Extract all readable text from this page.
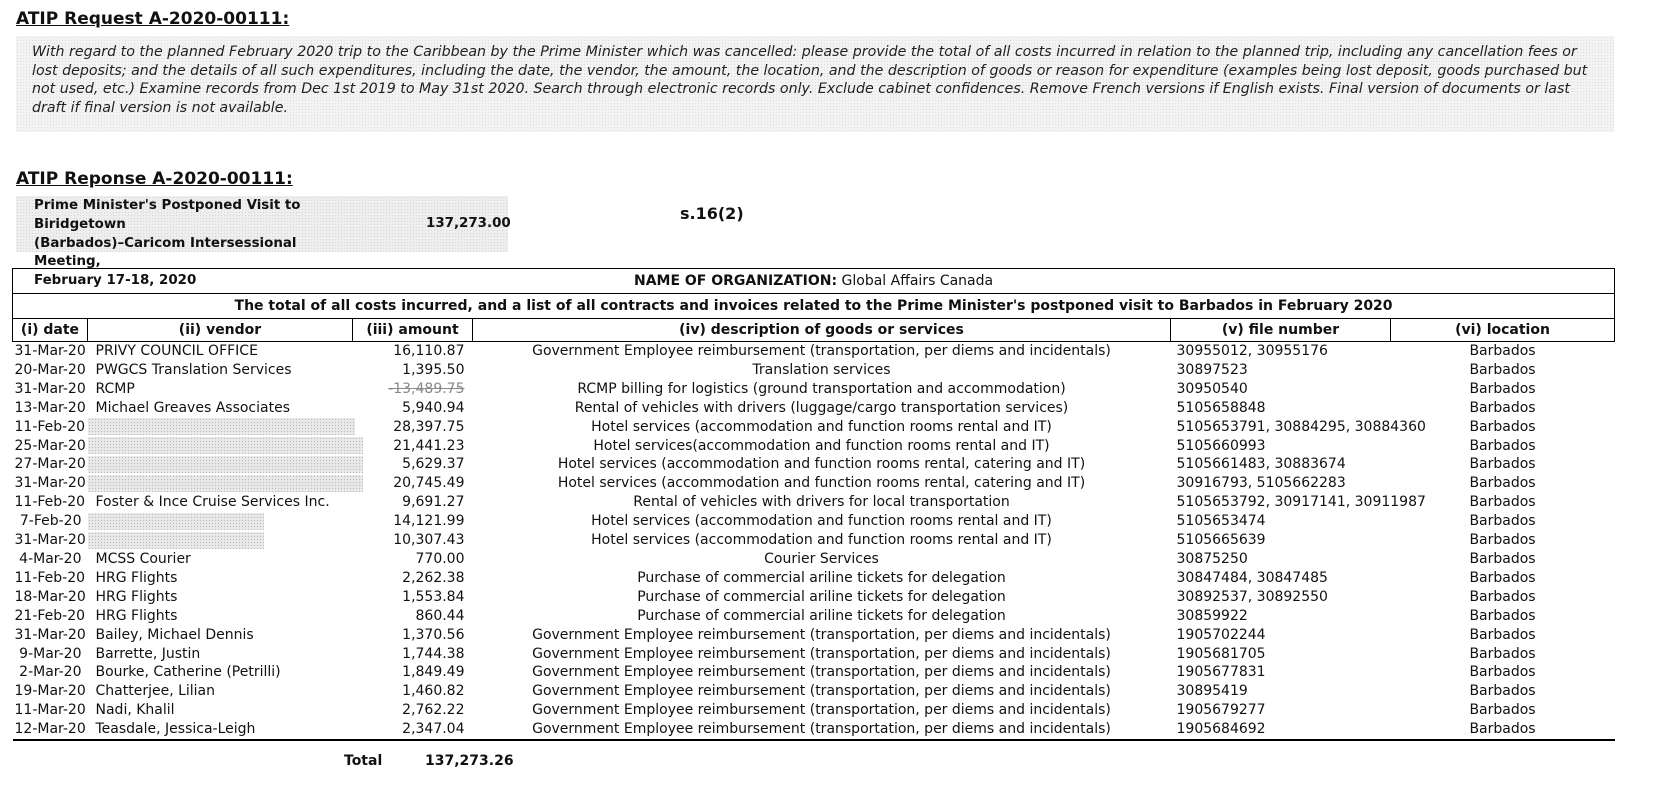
ATIP Request A-2020-00111:
With regard to the planned February 2020 trip to the Caribbean by the Prime Minister which was cancelled: please provide the total of all costs incurred in relation to the planned trip, including any cancellation fees or lost deposits; and the details of all such expenditures, including the date, the vendor, the amount, the location, and the description of goods or reason for expenditure (examples being lost deposit, goods purchased but not used, etc.) Examine records from Dec 1st 2019 to May 31st 2020. Search through electronic records only. Exclude cabinet confidences. Remove French versions if English exists. Final version of documents or last draft if final version is not available.
ATIP Reponse A-2020-00111:
Prime Minister's Postponed Visit to Biridgetown
(Barbados)–Caricom Intersessional Meeting,
February 17-18, 2020
137,273.00
s.16(2)
NAME OF ORGANIZATION: Global Affairs Canada					
The total of all costs incurred, and a list of all contracts and invoices related to the Prime Minister's postponed visit to Barbados in February 2020					
(i) date	(ii) vendor	(iii) amount	(iv) description of goods or services	(v) file number	(vi) location
31-Mar-20	PRIVY COUNCIL OFFICE	16,110.87	Government Employee reimbursement (transportation, per diems and incidentals)	30955012, 30955176	Barbados
20-Mar-20	PWGCS Translation Services	1,395.50	Translation services	30897523	Barbados
31-Mar-20	RCMP	-13,489.75	RCMP billing for logistics (ground transportation and accommodation)	30950540	Barbados
13-Mar-20	Michael Greaves Associates	5,940.94	Rental of vehicles with drivers (luggage/cargo transportation services)	5105658848	Barbados
11-Feb-20		28,397.75	Hotel services (accommodation and function rooms rental and IT)	5105653791, 30884295, 30884360	Barbados
25-Mar-20		21,441.23	Hotel services(accommodation and function rooms rental and IT)	5105660993	Barbados
27-Mar-20		5,629.37	Hotel services (accommodation and function rooms rental, catering and IT)	5105661483, 30883674	Barbados
31-Mar-20		20,745.49	Hotel services (accommodation and function rooms rental, catering and IT)	30916793, 5105662283	Barbados
11-Feb-20	Foster & Ince Cruise Services Inc.	9,691.27	Rental of vehicles with drivers for local transportation	5105653792, 30917141, 30911987	Barbados
7-Feb-20		14,121.99	Hotel services (accommodation and function rooms rental and IT)	5105653474	Barbados
31-Mar-20		10,307.43	Hotel services (accommodation and function rooms rental and IT)	5105665639	Barbados
4-Mar-20	MCSS Courier	770.00	Courier Services	30875250	Barbados
11-Feb-20	HRG Flights	2,262.38	Purchase of commercial ariline tickets for delegation	30847484, 30847485	Barbados
18-Mar-20	HRG Flights	1,553.84	Purchase of commercial ariline tickets for delegation	30892537, 30892550	Barbados
21-Feb-20	HRG Flights	860.44	Purchase of commercial ariline tickets for delegation	30859922	Barbados
31-Mar-20	Bailey, Michael Dennis	1,370.56	Government Employee reimbursement (transportation, per diems and incidentals)	1905702244	Barbados
9-Mar-20	Barrette, Justin	1,744.38	Government Employee reimbursement (transportation, per diems and incidentals)	1905681705	Barbados
2-Mar-20	Bourke, Catherine (Petrilli)	1,849.49	Government Employee reimbursement (transportation, per diems and incidentals)	1905677831	Barbados
19-Mar-20	Chatterjee, Lilian	1,460.82	Government Employee reimbursement (transportation, per diems and incidentals)	30895419	Barbados
11-Mar-20	Nadi, Khalil	2,762.22	Government Employee reimbursement (transportation, per diems and incidentals)	1905679277	Barbados
12-Mar-20	Teasdale, Jessica-Leigh	2,347.04	Government Employee reimbursement (transportation, per diems and incidentals)	1905684692	Barbados
Total	137,273.26
